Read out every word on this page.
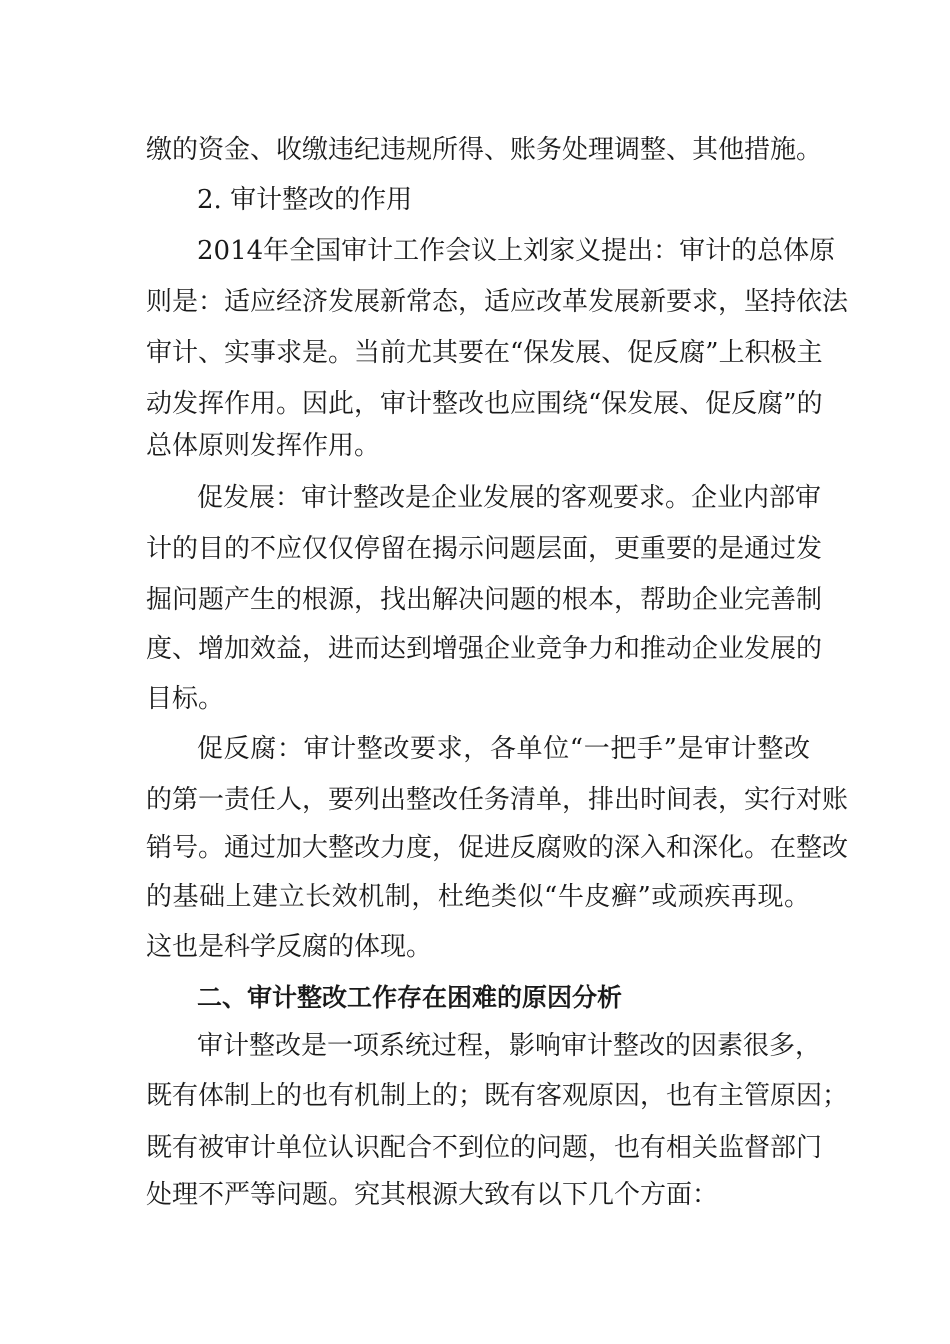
缴的资金、收缴违纪违规所得、账务处理调整、其他措施。
2. 审计整改的作用
2014年全国审计工作会议上刘家义提出：审计的总体原
则是：适应经济发展新常态，适应改革发展新要求，坚持依法
审计、实事求是。当前尤其要在“保发展、促反腐”上积极主
动发挥作用。因此，审计整改也应围绕“保发展、促反腐”的
总体原则发挥作用。
促发展：审计整改是企业发展的客观要求。企业内部审
计的目的不应仅仅停留在揭示问题层面，更重要的是通过发
掘问题产生的根源，找出解决问题的根本，帮助企业完善制
度、增加效益，进而达到增强企业竞争力和推动企业发展的
目标。
促反腐：审计整改要求，各单位“一把手”是审计整改
的第一责任人，要列出整改任务清单，排出时间表，实行对账
销号。通过加大整改力度，促进反腐败的深入和深化。在整改
的基础上建立长效机制，杜绝类似“牛皮癣”或顽疾再现。
这也是科学反腐的体现。
二、审计整改工作存在困难的原因分析
审计整改是一项系统过程，影响审计整改的因素很多，
既有体制上的也有机制上的；既有客观原因，也有主管原因；
既有被审计单位认识配合不到位的问题，也有相关监督部门
处理不严等问题。究其根源大致有以下几个方面：
